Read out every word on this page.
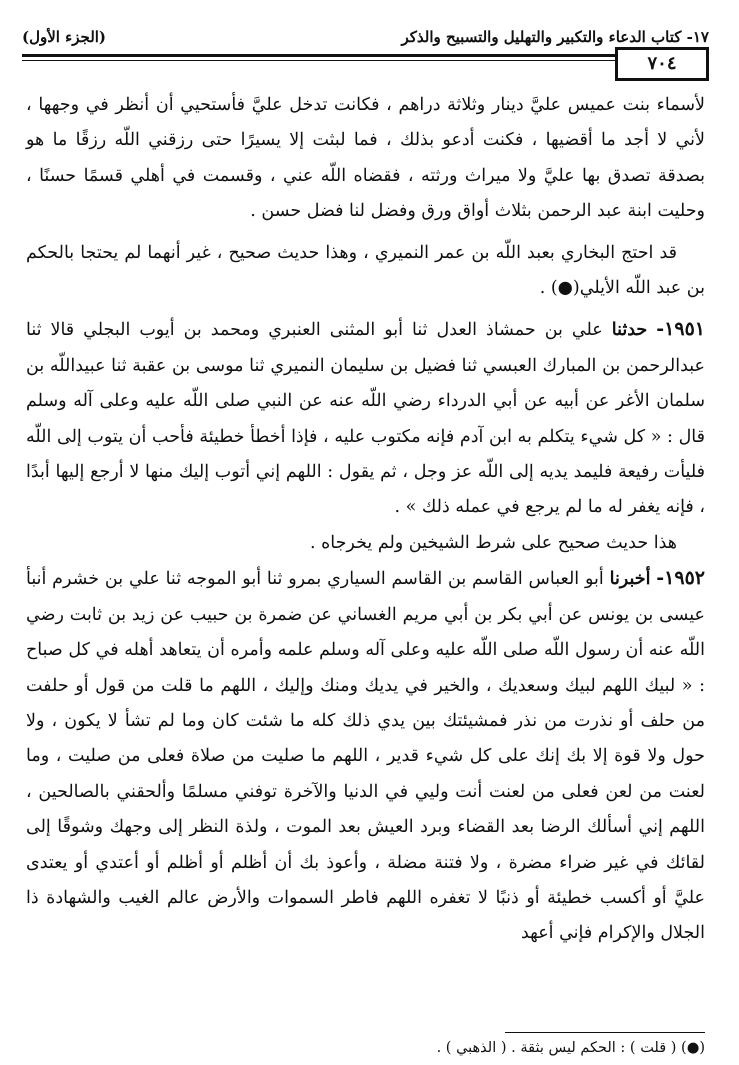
١٧- كتاب الدعاء والتكبير والتهليل والتسبيح والذكر
(الجزء الأول)
٧٠٤

لأسماء بنت عميس عليَّ دينار وثلاثة دراهم ، فكانت تدخل عليَّ فأستحيي أن أنظر في وجهها ، لأني لا أجد ما أقضيها ، فكنت أدعو بذلك ، فما لبثت إلا يسيرًا حتى رزقني اللّه رزقًا ما هو بصدقة تصدق بها عليَّ ولا ميراث ورثته ، فقضاه اللّه عني ، وقسمت في أهلي قسمًا حسنًا ، وحليت ابنة عبد الرحمن بثلاث أواق ورق وفضل لنا فضل حسن .

قد احتج البخاري بعبد اللّه بن عمر النميري ، وهذا حديث صحيح ، غير أنهما لم يحتجا بالحكم بن عبد اللّه الأيلي(●) .

١٩٥١- حدثنا علي بن حمشاذ العدل ثنا أبو المثنى العنبري ومحمد بن أيوب البجلي قالا ثنا عبدالرحمن بن المبارك العبسي ثنا فضيل بن سليمان النميري ثنا موسى بن عقبة ثنا عبيداللّه بن سلمان الأغر عن أبيه عن أبي الدرداء رضي اللّه عنه عن النبي صلى اللّه عليه وعلى آله وسلم قال : « كل شيء يتكلم به ابن آدم فإنه مكتوب عليه ، فإذا أخطأ خطيئة فأحب أن يتوب إلى اللّه فليأت رفيعة فليمد يديه إلى اللّه عز وجل ، ثم يقول : اللهم إني أتوب إليك منها لا أرجع إليها أبدًا ، فإنه يغفر له ما لم يرجع في عمله ذلك » .

هذا حديث صحيح على شرط الشيخين ولم يخرجاه .

١٩٥٢- أخبرنا أبو العباس القاسم بن القاسم السياري بمرو ثنا أبو الموجه ثنا علي بن خشرم أنبأ عيسى بن يونس عن أبي بكر بن أبي مريم الغساني عن ضمرة بن حبيب عن زيد بن ثابت رضي اللّه عنه أن رسول اللّه صلى اللّه عليه وعلى آله وسلم علمه وأمره أن يتعاهد أهله في كل صباح : « لبيك اللهم لبيك وسعديك ، والخير في يديك ومنك وإليك ، اللهم ما قلت من قول أو حلفت من حلف أو نذرت من نذر فمشيئتك بين يدي ذلك كله ما شئت كان وما لم تشأ لا يكون ، ولا حول ولا قوة إلا بك إنك على كل شيء قدير ، اللهم ما صليت من صلاة فعلى من صليت ، وما لعنت من لعن فعلى من لعنت أنت وليي في الدنيا والآخرة توفني مسلمًا وألحقني بالصالحين ، اللهم إني أسألك الرضا بعد القضاء وبرد العيش بعد الموت ، ولذة النظر إلى وجهك وشوقًا إلى لقائك في غير ضراء مضرة ، ولا فتنة مضلة ، وأعوذ بك أن أظلم أو أظلم أو أعتدي أو يعتدى عليَّ أو أكسب خطيئة أو ذنبًا لا تغفره اللهم فاطر السموات والأرض عالم الغيب والشهادة ذا الجلال والإكرام فإني أعهد

(●) ( قلت ) : الحكم ليس بثقة . ( الذهبي ) .
